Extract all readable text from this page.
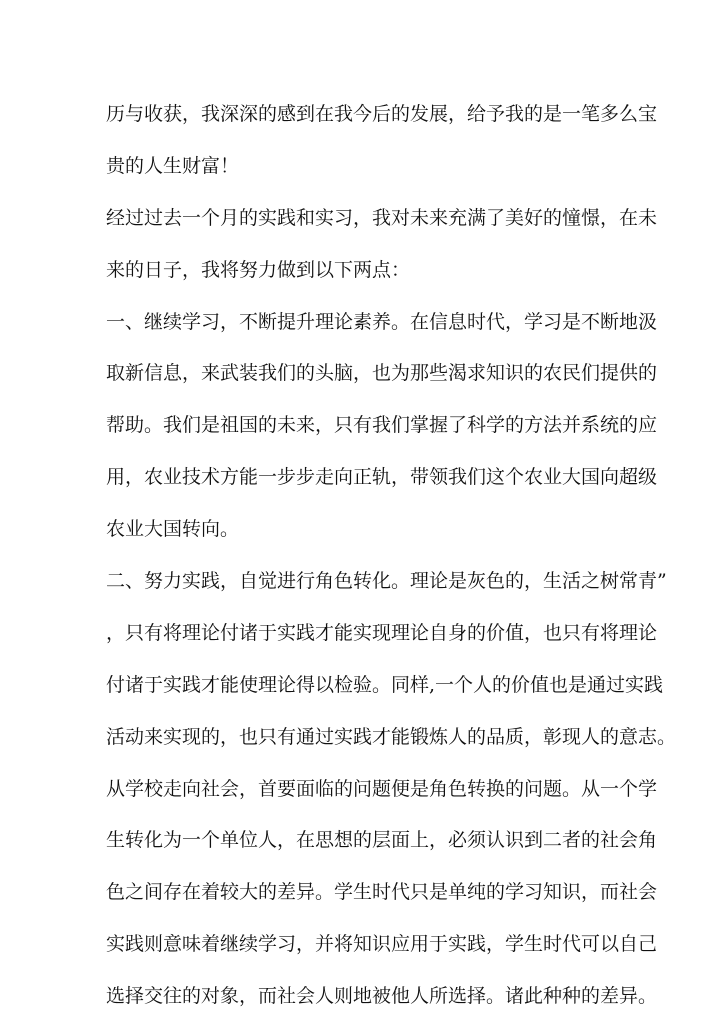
历与收获，我深深的感到在我今后的发展，给予我的是一笔多么宝
贵的人生财富！
经过过去一个月的实践和实习，我对未来充满了美好的憧憬，在未
来的日子，我将努力做到以下两点：
一、继续学习，不断提升理论素养。在信息时代，学习是不断地汲
取新信息，来武装我们的头脑，也为那些渴求知识的农民们提供的
帮助。我们是祖国的未来，只有我们掌握了科学的方法并系统的应
用，农业技术方能一步步走向正轨，带领我们这个农业大国向超级
农业大国转向。
二、努力实践，自觉进行角色转化。理论是灰色的，生活之树常青”
，只有将理论付诸于实践才能实现理论自身的价值，也只有将理论
付诸于实践才能使理论得以检验。同样,一个人的价值也是通过实践
活动来实现的，也只有通过实践才能锻炼人的品质，彰现人的意志。
从学校走向社会，首要面临的问题便是角色转换的问题。从一个学
生转化为一个单位人，在思想的层面上，必须认识到二者的社会角
色之间存在着较大的差异。学生时代只是单纯的学习知识，而社会
实践则意味着继续学习，并将知识应用于实践，学生时代可以自己
选择交往的对象，而社会人则地被他人所选择。诸此种种的差异。
